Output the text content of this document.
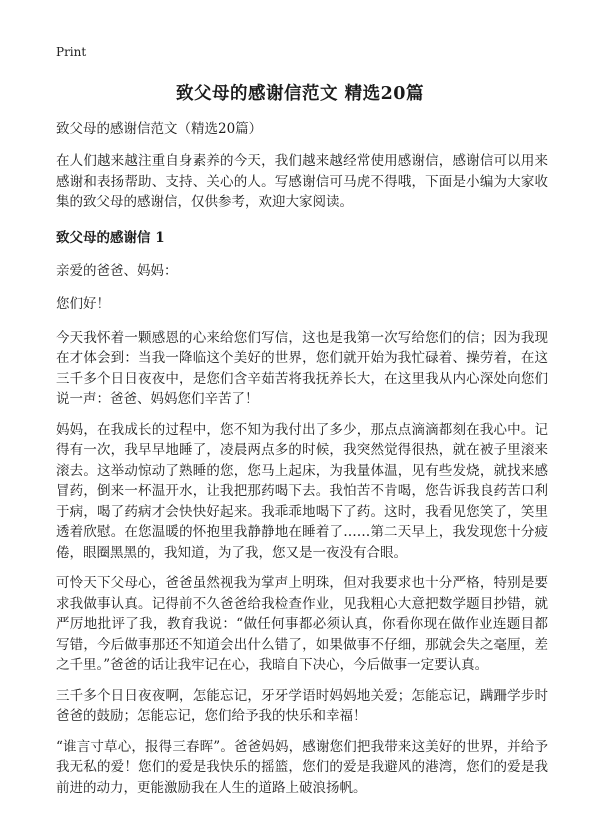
Print
致父母的感谢信范文 精选20篇
致父母的感谢信范文（精选20篇）

在人们越来越注重自身素养的今天，我们越来越经常使用感谢信，感谢信可以用来感谢和表扬帮助、支持、关心的人。写感谢信可马虎不得哦，下面是小编为大家收集的致父母的感谢信，仅供参考，欢迎大家阅读。

致父母的感谢信 1

亲爱的爸爸、妈妈：

您们好！

今天我怀着一颗感恩的心来给您们写信，这也是我第一次写给您们的信；因为我现在才体会到：当我一降临这个美好的世界，您们就开始为我忙碌着、操劳着，在这三千多个日日夜夜中，是您们含辛茹苦将我抚养长大，在这里我从内心深处向您们说一声：爸爸、妈妈您们辛苦了！

妈妈，在我成长的过程中，您不知为我付出了多少，那点点滴滴都刻在我心中。记得有一次，我早早地睡了，凌晨两点多的时候，我突然觉得很热，就在被子里滚来滚去。这举动惊动了熟睡的您，您马上起床，为我量体温，见有些发烧，就找来感冒药，倒来一杯温开水，让我把那药喝下去。我怕苦不肯喝，您告诉我良药苦口利于病，喝了药病才会快快好起来。我乖乖地喝下了药。这时，我看见您笑了，笑里透着欣慰。在您温暖的怀抱里我静静地在睡着了……第二天早上，我发现您十分疲倦，眼圈黑黑的，我知道，为了我，您又是一夜没有合眼。

可怜天下父母心，爸爸虽然视我为掌声上明珠，但对我要求也十分严格，特别是要求我做事认真。记得前不久爸爸给我检查作业，见我粗心大意把数学题目抄错，就严厉地批评了我，教育我说：“做任何事都必须认真，你看你现在做作业连题目都写错，今后做事那还不知道会出什么错了，如果做事不仔细，那就会失之毫厘，差之千里。”爸爸的话让我牢记在心，我暗自下决心，今后做事一定要认真。

三千多个日日夜夜啊，怎能忘记，牙牙学语时妈妈地关爱；怎能忘记，蹒跚学步时爸爸的鼓励；怎能忘记，您们给予我的快乐和幸福！

“谁言寸草心，报得三春晖”。爸爸妈妈，感谢您们把我带来这美好的世界，并给予我无私的爱！您们的爱是我快乐的摇篮，您们的爱是我避风的港湾，您们的爱是我前进的动力，更能激励我在人生的道路上破浪扬帆。
